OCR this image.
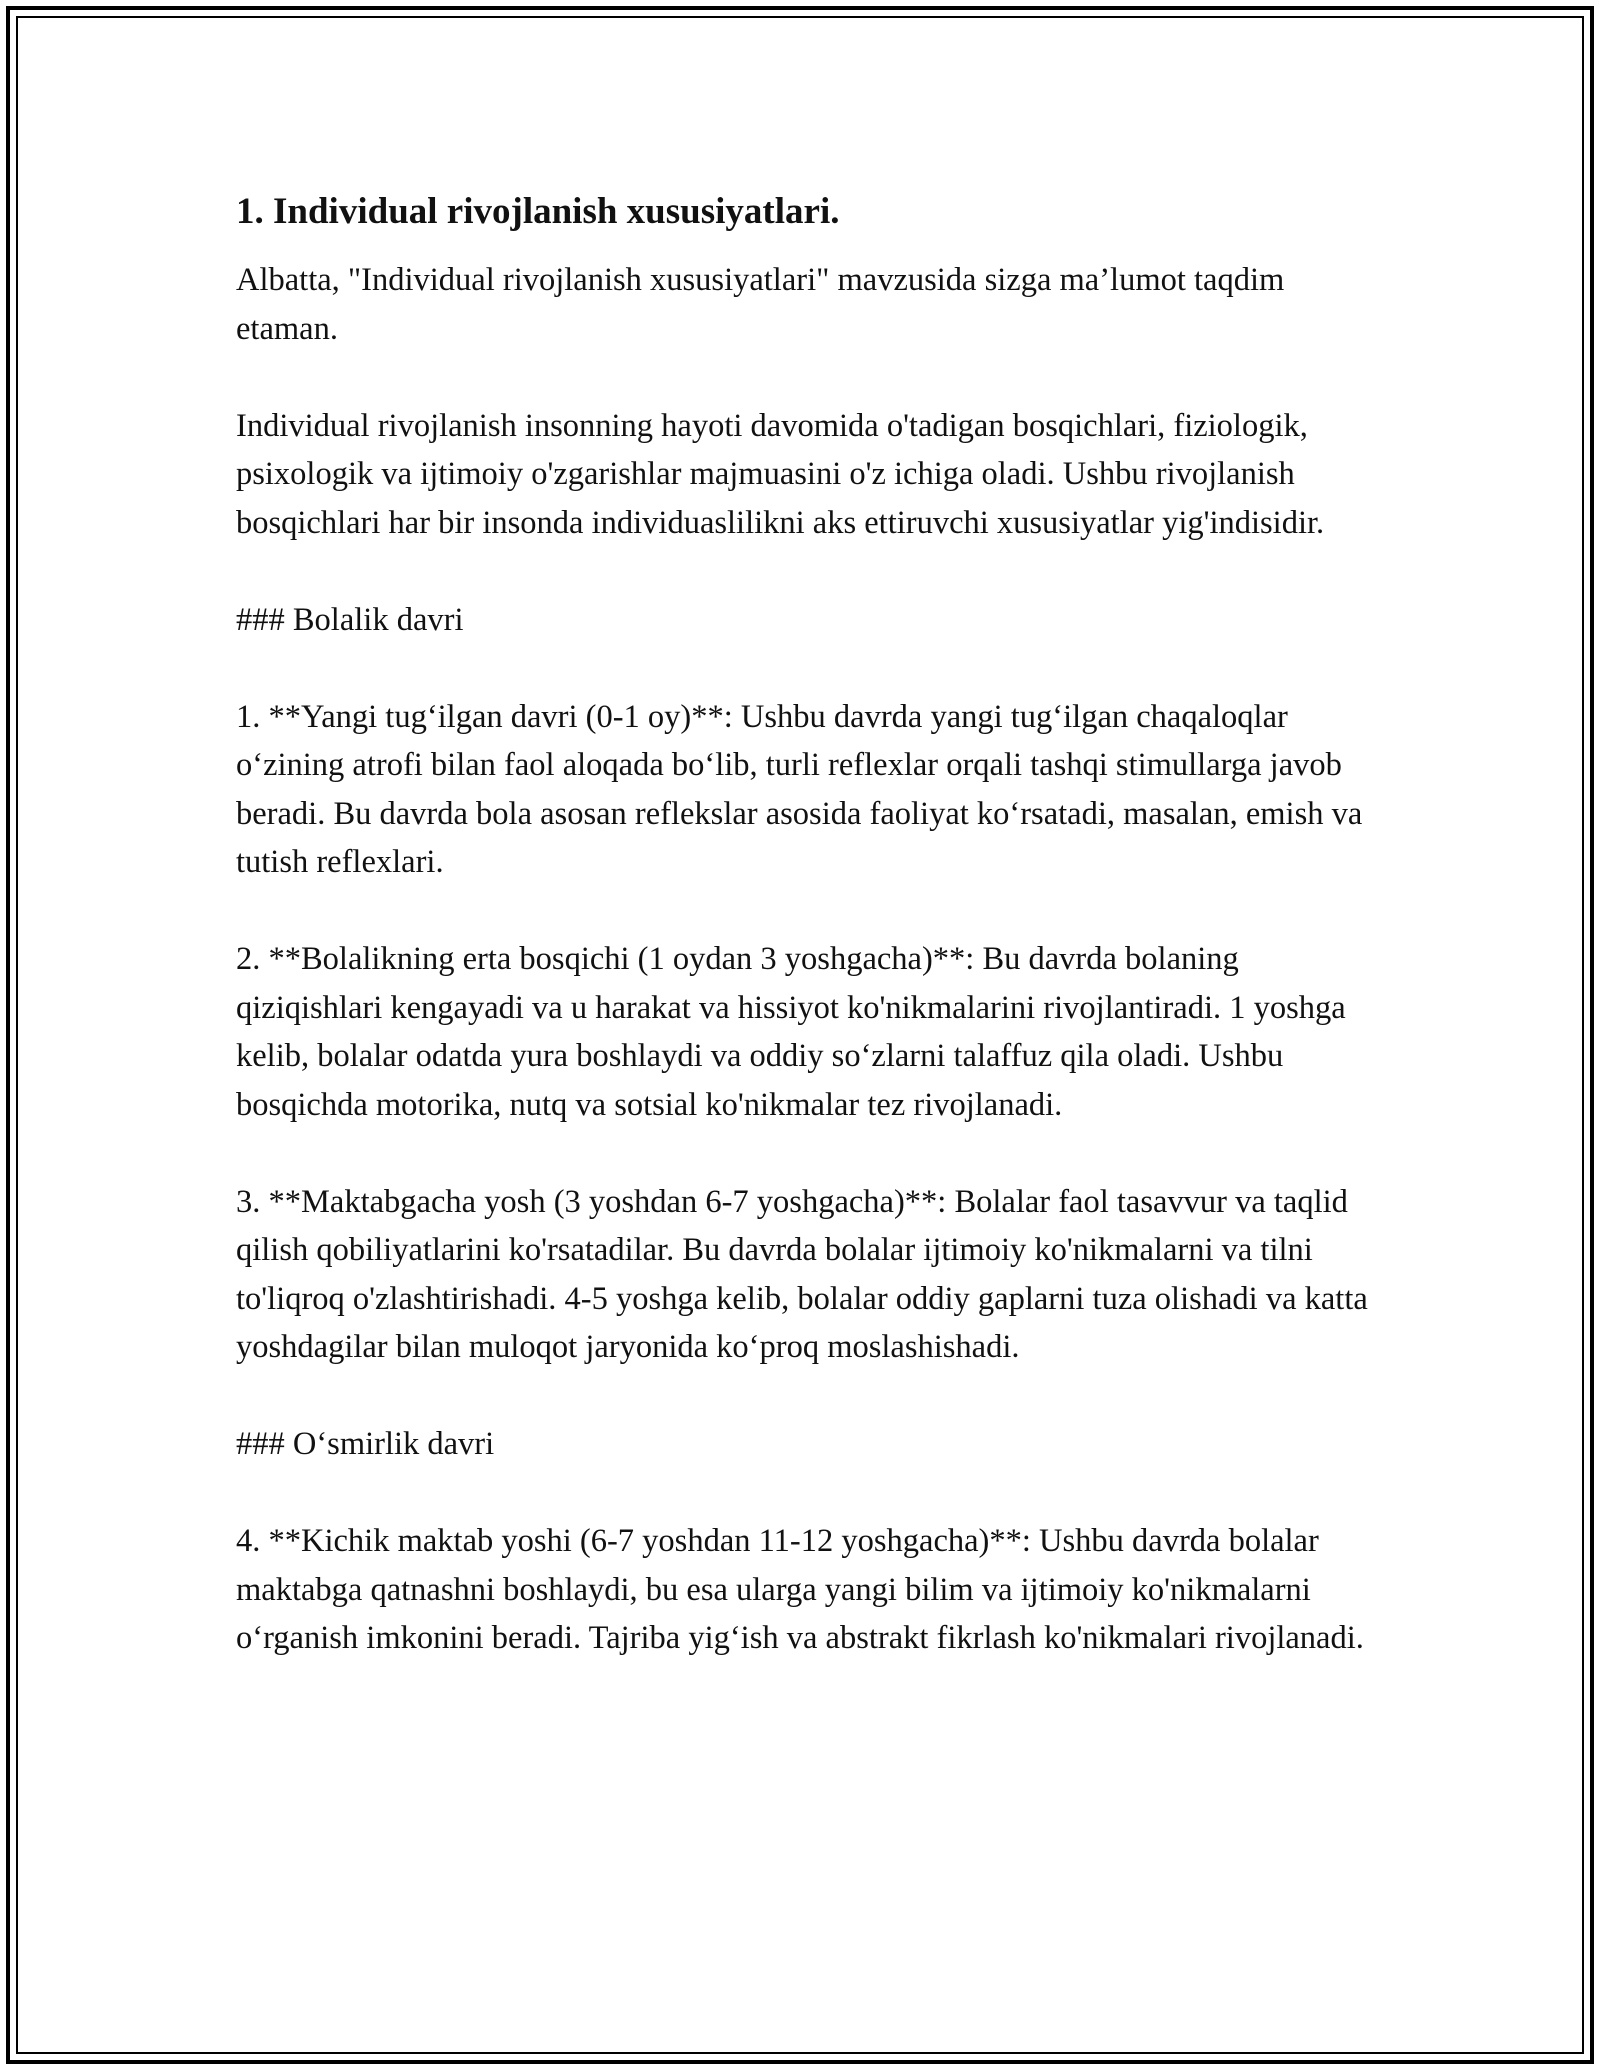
1. Individual rivojlanish xususiyatlari.

Albatta, "Individual rivojlanish xususiyatlari" mavzusida sizga ma’lumot taqdim etaman.

Individual rivojlanish insonning hayoti davomida o'tadigan bosqichlari, fiziologik, psixologik va ijtimoiy o'zgarishlar majmuasini o'z ichiga oladi. Ushbu rivojlanish bosqichlari har bir insonda individuaslilikni aks ettiruvchi xususiyatlar yig'indisidir.

### Bolalik davri

1. **Yangi tug‘ilgan davri (0-1 oy)**: Ushbu davrda yangi tug‘ilgan chaqaloqlar o‘zining atrofi bilan faol aloqada bo‘lib, turli reflexlar orqali tashqi stimullarga javob beradi. Bu davrda bola asosan reflekslar asosida faoliyat ko‘rsatadi, masalan, emish va tutish reflexlari.

2. **Bolalikning erta bosqichi (1 oydan 3 yoshgacha)**: Bu davrda bolaning qiziqishlari kengayadi va u harakat va hissiyot ko'nikmalarini rivojlantiradi. 1 yoshga kelib, bolalar odatda yura boshlaydi va oddiy so‘zlarni talaffuz qila oladi. Ushbu bosqichda motorika, nutq va sotsial ko'nikmalar tez rivojlanadi.

3. **Maktabgacha yosh (3 yoshdan 6-7 yoshgacha)**: Bolalar faol tasavvur va taqlid qilish qobiliyatlarini ko'rsatadilar. Bu davrda bolalar ijtimoiy ko'nikmalarni va tilni to'liqroq o'zlashtirishadi. 4-5 yoshga kelib, bolalar oddiy gaplarni tuza olishadi va katta yoshdagilar bilan muloqot jaryonida ko‘proq moslashishadi.

### O‘smirlik davri

4. **Kichik maktab yoshi (6-7 yoshdan 11-12 yoshgacha)**: Ushbu davrda bolalar maktabga qatnashni boshlaydi, bu esa ularga yangi bilim va ijtimoiy ko'nikmalarni o‘rganish imkonini beradi. Tajriba yig‘ish va abstrakt fikrlash ko'nikmalari rivojlanadi.
